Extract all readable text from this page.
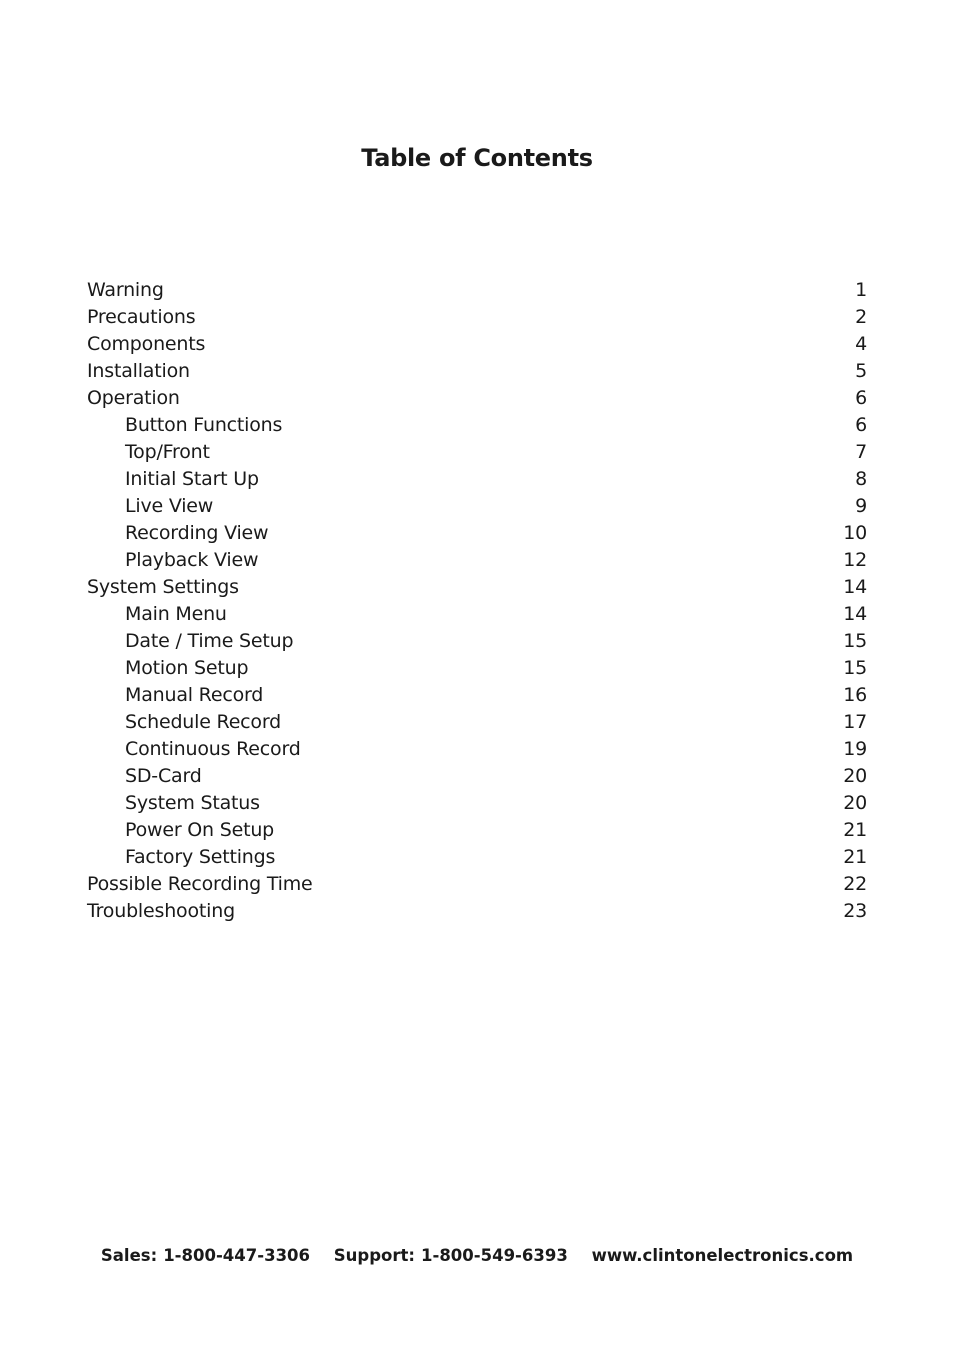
Table of Contents
Warning	1
Precautions	2
Components	4
Installation	5
Operation	6
Button Functions	6
Top/Front	7
Initial Start Up	8
Live View	9
Recording View	10
Playback View	12
System Settings	14
Main Menu	14
Date / Time Setup	15
Motion Setup	15
Manual Record	16
Schedule Record	17
Continuous Record	19
SD-Card	20
System Status	20
Power On Setup	21
Factory Settings	21
Possible Recording Time	22
Troubleshooting	23
Sales: 1-800-447-3306 Support: 1-800-549-6393 www.clintonelectronics.com
